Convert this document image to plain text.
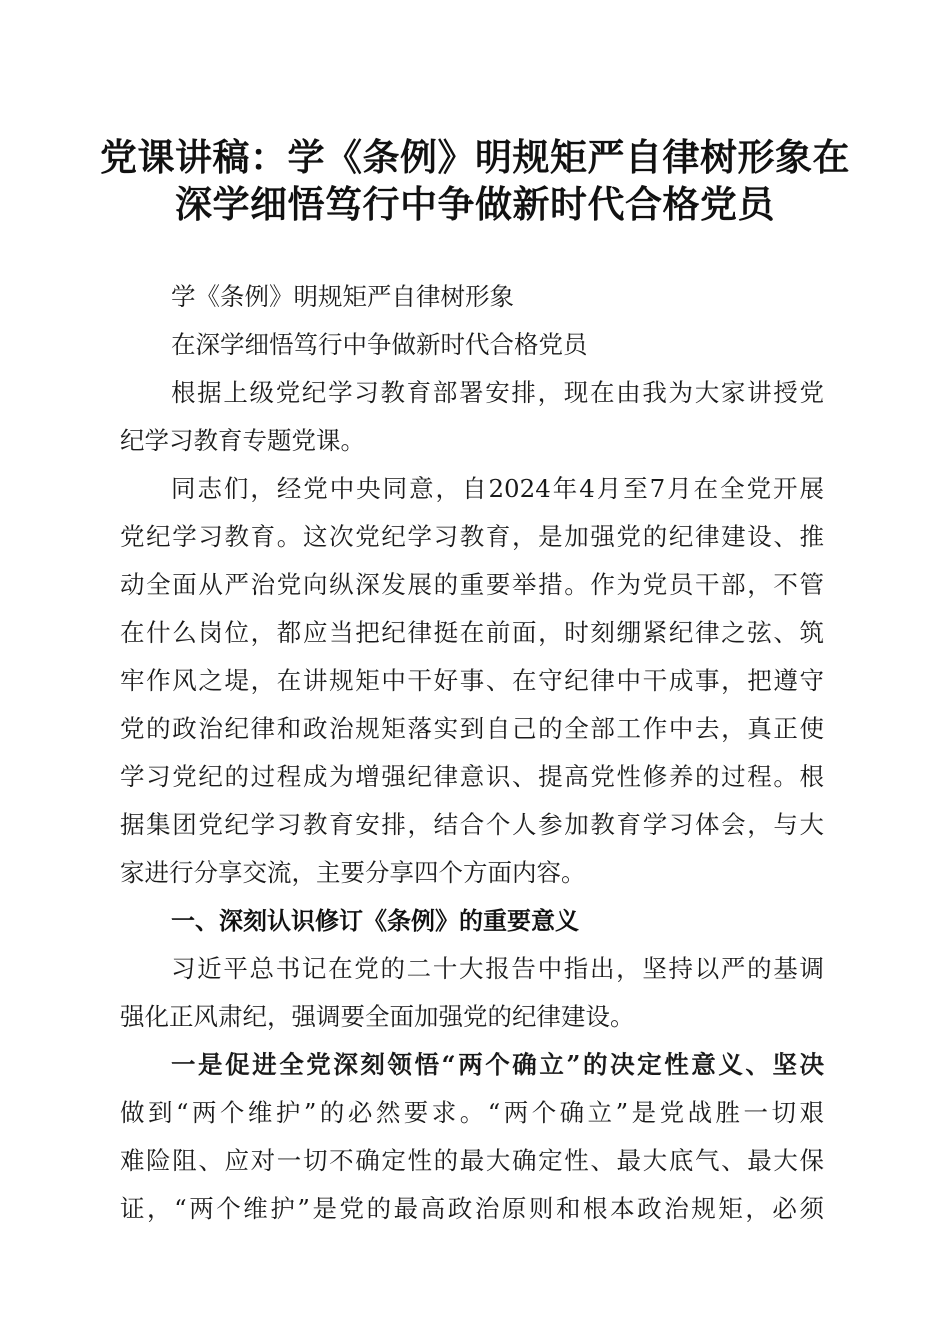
党课讲稿：学《条例》明规矩严自律树形象在
深学细悟笃行中争做新时代合格党员
学《条例》明规矩严自律树形象
在深学细悟笃行中争做新时代合格党员
根据上级党纪学习教育部署安排，现在由我为大家讲授党
纪学习教育专题党课。
同志们，经党中央同意，自2024年4月至7月在全党开展
党纪学习教育。这次党纪学习教育，是加强党的纪律建设、推
动全面从严治党向纵深发展的重要举措。作为党员干部，不管
在什么岗位，都应当把纪律挺在前面，时刻绷紧纪律之弦、筑
牢作风之堤，在讲规矩中干好事、在守纪律中干成事，把遵守
党的政治纪律和政治规矩落实到自己的全部工作中去，真正使
学习党纪的过程成为增强纪律意识、提高党性修养的过程。根
据集团党纪学习教育安排，结合个人参加教育学习体会，与大
家进行分享交流，主要分享四个方面内容。
一、深刻认识修订《条例》的重要意义
习近平总书记在党的二十大报告中指出，坚持以严的基调
强化正风肃纪，强调要全面加强党的纪律建设。
一是促进全党深刻领悟“两个确立”的决定性意义、坚决
做到“两个维护”的必然要求。“两个确立”是党战胜一切艰
难险阻、应对一切不确定性的最大确定性、最大底气、最大保
证，“两个维护”是党的最高政治原则和根本政治规矩，必须
